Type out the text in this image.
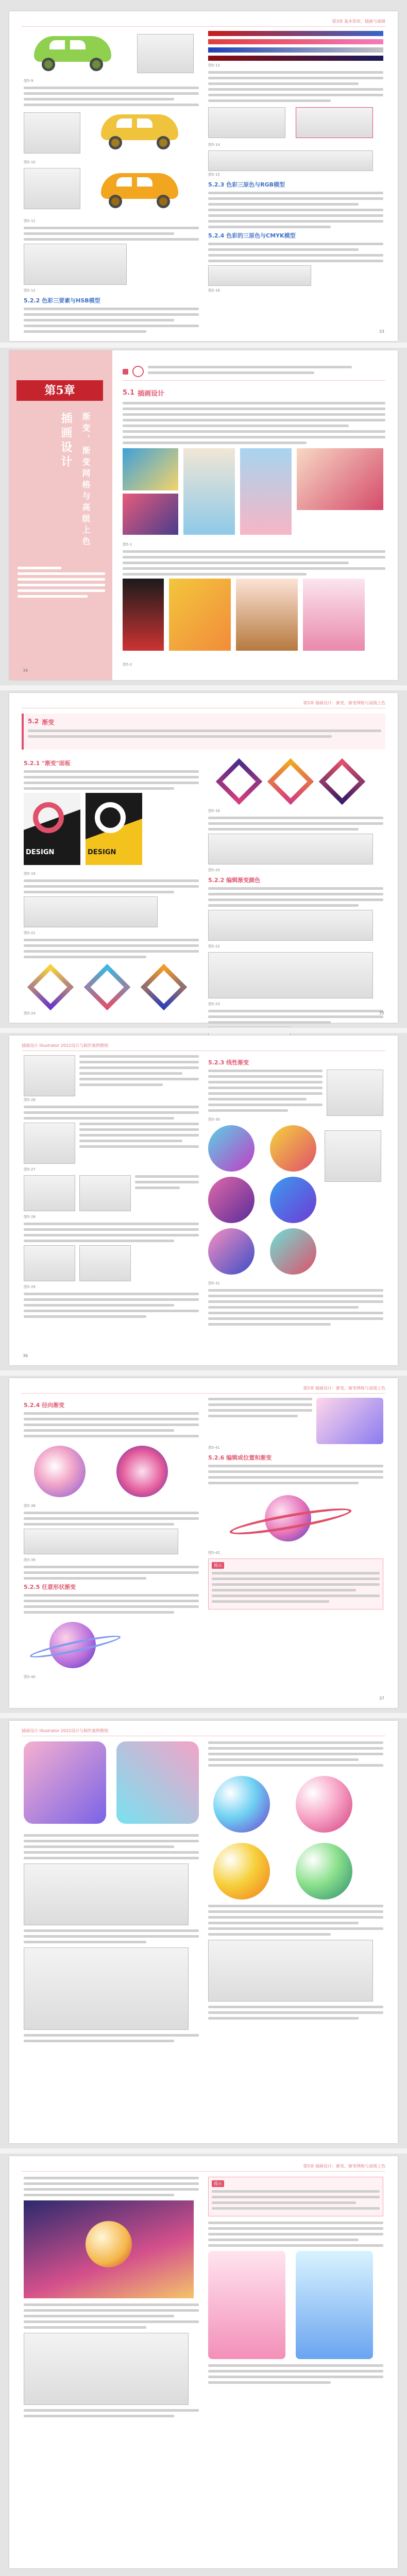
第3章 基本形状、插画与滤镜
图5-9
图5-10
图5-11
图5-12
5.2.2 色彩三要素与HSB模型
图5-13
图5-14
图5-15
5.2.3 色彩三原色与RGB模型
5.2.4 色彩的三原色与CMYK模型
图5-16
33
第5章
插画设计 渐变、渐变网格与高级上色

5.1 插画设计
图5-1
图5-2
34
第5章 插画设计：渐变、渐变网格与高级上色
5.2 渐变
5.2.1 "渐变"面板
DESIGN	DESIGN
图5-19
图5-21
图5-24
图5-18
图5-20
5.2.2 编辑渐变颜色
图5-22
图5-23
35
插画设计 Illustrator 2022设计与制作案例教程
图5-26
图5-27
图5-28
图5-29
5.2.3 线性渐变
图5-30
图5-31
36
第5章 插画设计：渐变、渐变网格与高级上色
5.2.4 径向渐变
图5-38
图5-39
5.2.5 任意形状渐变
图5-40
图5-41
5.2.6 编辑或位置和渐变
图5-42
提示
37
插画设计 Illustrator 2022设计与制作案例教程
第5章 插画设计：渐变、渐变网格与高级上色
提示
